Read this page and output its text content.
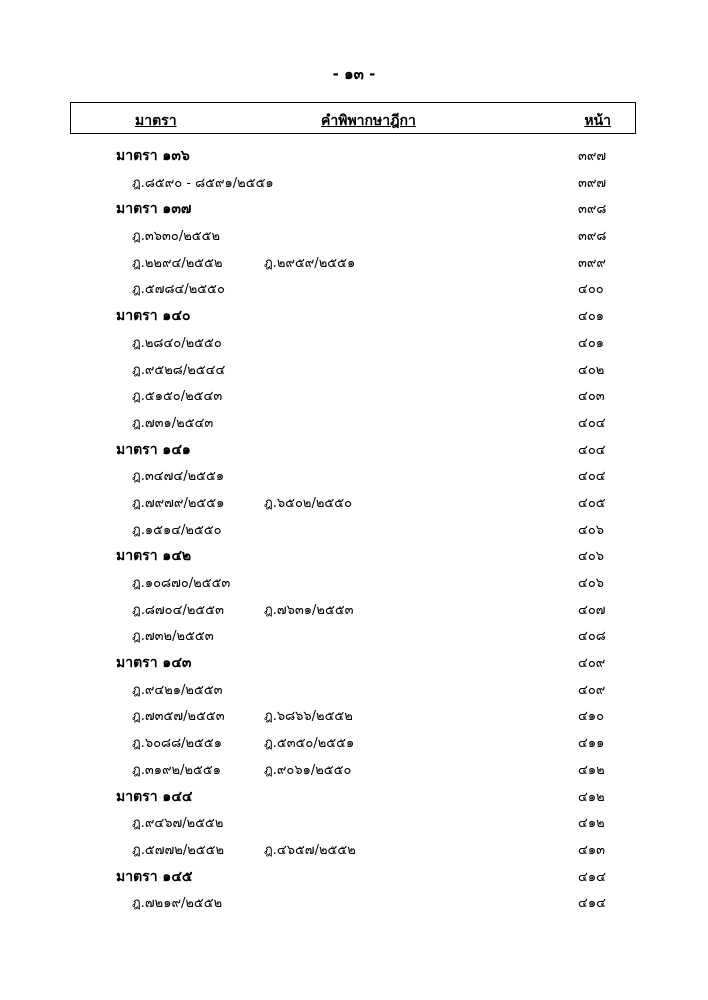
- ๑๓ -
มาตรา	คำพิพากษาฎีกา	หน้า
มาตรา ๑๓๖	๓๙๗
ฎ.๘๕๙๐ - ๘๕๙๑/๒๕๕๑	๓๙๗
มาตรา ๑๓๗	๓๙๘
ฎ.๓๖๓๐/๒๕๕๒	๓๙๘
ฎ.๒๒๙๔/๒๕๕๒	ฎ.๒๙๕๙/๒๕๕๑	๓๙๙
ฎ.๕๗๘๔/๒๕๕๐	๔๐๐
มาตรา ๑๔๐	๔๐๑
ฎ.๒๘๔๐/๒๕๕๐	๔๐๑
ฎ.๙๕๒๘/๒๕๔๔	๔๐๒
ฎ.๕๑๕๐/๒๕๔๓	๔๐๓
ฎ.๗๓๑/๒๕๔๓	๔๐๔
มาตรา ๑๔๑	๔๐๔
ฎ.๓๔๗๔/๒๕๕๑	๔๐๔
ฎ.๗๙๗๙/๒๕๕๑	ฎ.๖๕๐๒/๒๕๕๐	๔๐๕
ฎ.๑๕๑๔/๒๕๕๐	๔๐๖
มาตรา ๑๔๒	๔๐๖
ฎ.๑๐๘๗๐/๒๕๕๓	๔๐๖
ฎ.๘๗๐๔/๒๕๕๓	ฎ.๗๖๓๑/๒๕๕๓	๔๐๗
ฎ.๗๓๒/๒๕๕๓	๔๐๘
มาตรา ๑๔๓	๔๐๙
ฎ.๙๔๒๑/๒๕๕๓	๔๐๙
ฎ.๗๓๕๗/๒๕๕๓	ฎ.๖๘๖๖/๒๕๕๒	๔๑๐
ฎ.๖๐๘๘/๒๕๕๑	ฎ.๕๓๕๐/๒๕๕๑	๔๑๑
ฎ.๓๑๙๒/๒๕๕๑	ฎ.๙๐๖๑/๒๕๕๐	๔๑๒
มาตรา ๑๔๔	๔๑๒
ฎ.๙๔๖๗/๒๕๕๒	๔๑๒
ฎ.๕๗๗๒/๒๕๕๒	ฎ.๔๖๕๗/๒๕๕๒	๔๑๓
มาตรา ๑๔๕	๔๑๔
ฎ.๗๒๑๙/๒๕๕๒	๔๑๔
